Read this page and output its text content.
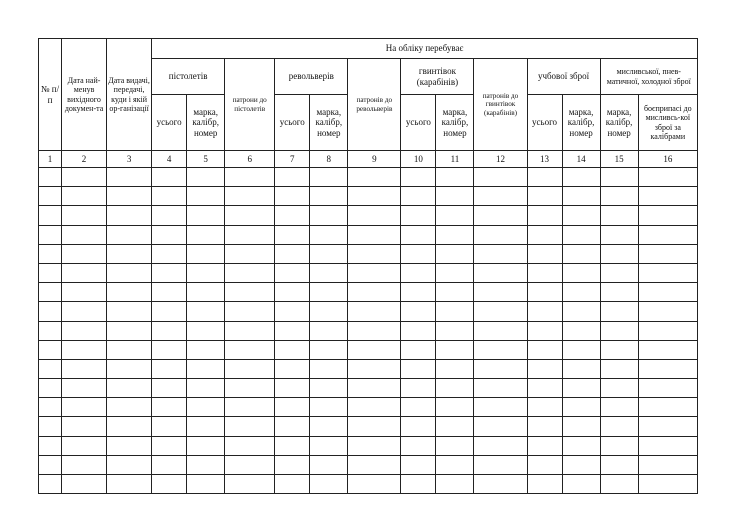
№ п/п	Дата най-менув вихідного докумен-та	Дата видачі, передачі, куди і якій ор-ганізації	На обліку перебуває												
			пістолетів		патрони до пістолетів	револьверів		патронів до револьверів	гвинтівок (карабінів)		патронів до гвинтівок (карабінів)	учбової зброї		мисливської, пнев-матичної, холодної зброї	
			усього	марка, калібр, номер		усього	марка, калібр, номер		усього	марка, калібр, номер		усього	марка, калібр, номер	марка, калібр, номер	боєприпасі до мисливсь-кої зброї за калібрами
1	2	3	4	5	6	7	8	9	10	11	12	13	14	15	16
